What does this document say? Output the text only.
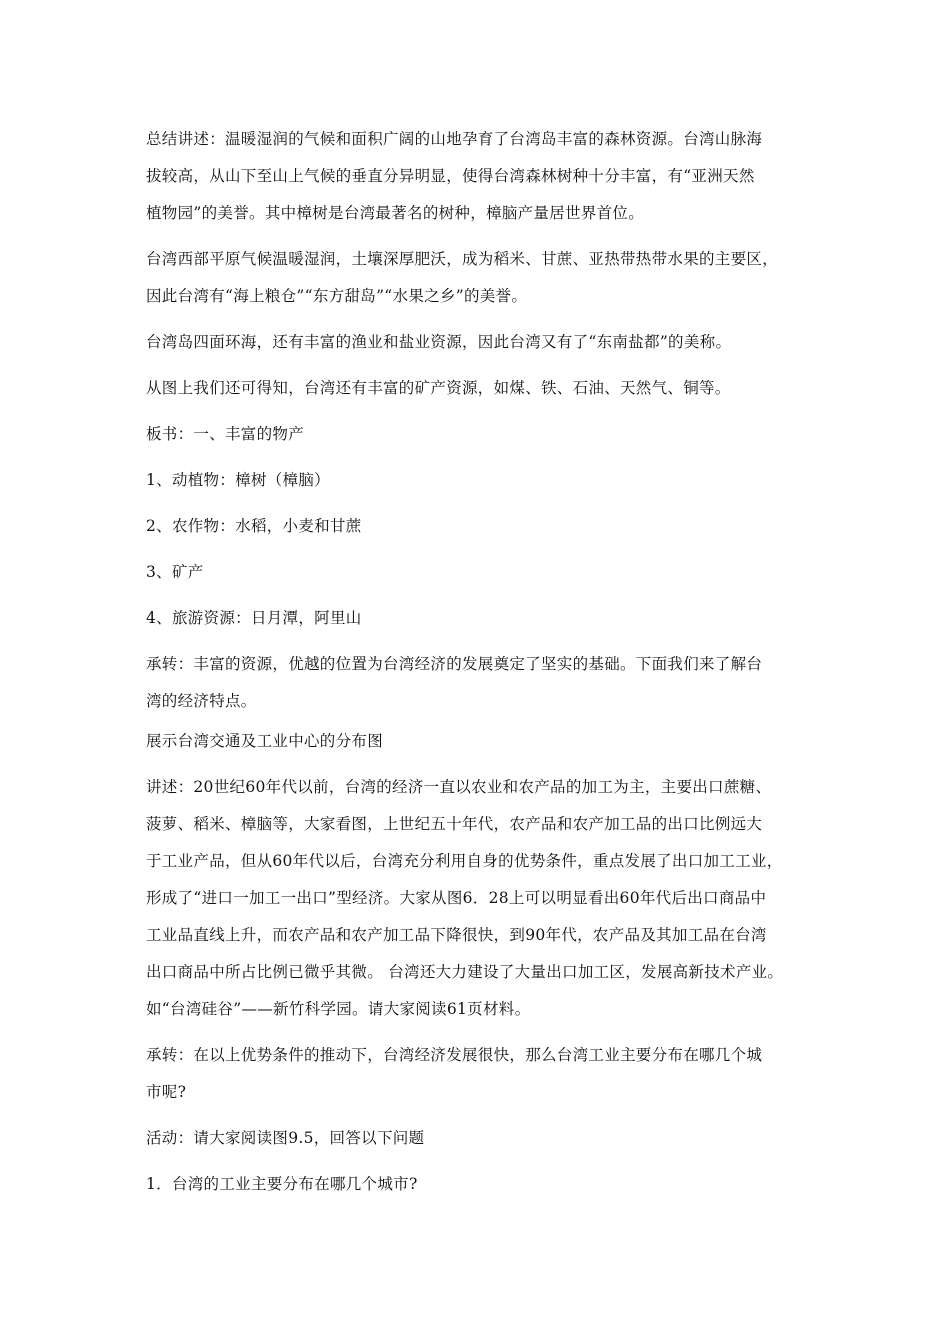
总结讲述：温暖湿润的气候和面积广阔的山地孕育了台湾岛丰富的森林资源。台湾山脉海
拔较高，从山下至山上气候的垂直分异明显，使得台湾森林树种十分丰富，有“亚洲天然
植物园”的美誉。其中樟树是台湾最著名的树种，樟脑产量居世界首位。
台湾西部平原气候温暖湿润，土壤深厚肥沃，成为稻米、甘蔗、亚热带热带水果的主要区，
因此台湾有“海上粮仓”“东方甜岛”“水果之乡”的美誉。
台湾岛四面环海，还有丰富的渔业和盐业资源，因此台湾又有了“东南盐都”的美称。
从图上我们还可得知，台湾还有丰富的矿产资源，如煤、铁、石油、天然气、铜等。
板书：一、丰富的物产
1、动植物：樟树（樟脑）
2、农作物：水稻，小麦和甘蔗
3、矿产
4、旅游资源：日月潭，阿里山
承转：丰富的资源，优越的位置为台湾经济的发展奠定了坚实的基础。下面我们来了解台
湾的经济特点。
展示台湾交通及工业中心的分布图
讲述：20世纪60年代以前，台湾的经济一直以农业和农产品的加工为主，主要出口蔗糖、
菠萝、稻米、樟脑等，大家看图，上世纪五十年代，农产品和农产加工品的出口比例远大
于工业产品，但从60年代以后，台湾充分利用自身的优势条件，重点发展了出口加工工业，
形成了“进口一加工一出口”型经济。大家从图6．28上可以明显看出60年代后出口商品中
工业品直线上升，而农产品和农产加工品下降很快，到90年代，农产品及其加工品在台湾
出口商品中所占比例已微乎其微。 台湾还大力建设了大量出口加工区，发展高新技术产业。
如“台湾硅谷”——新竹科学园。请大家阅读61页材料。
承转：在以上优势条件的推动下，台湾经济发展很快，那么台湾工业主要分布在哪几个城
市呢?
活动：请大家阅读图9.5，回答以下问题
1．台湾的工业主要分布在哪几个城市?
